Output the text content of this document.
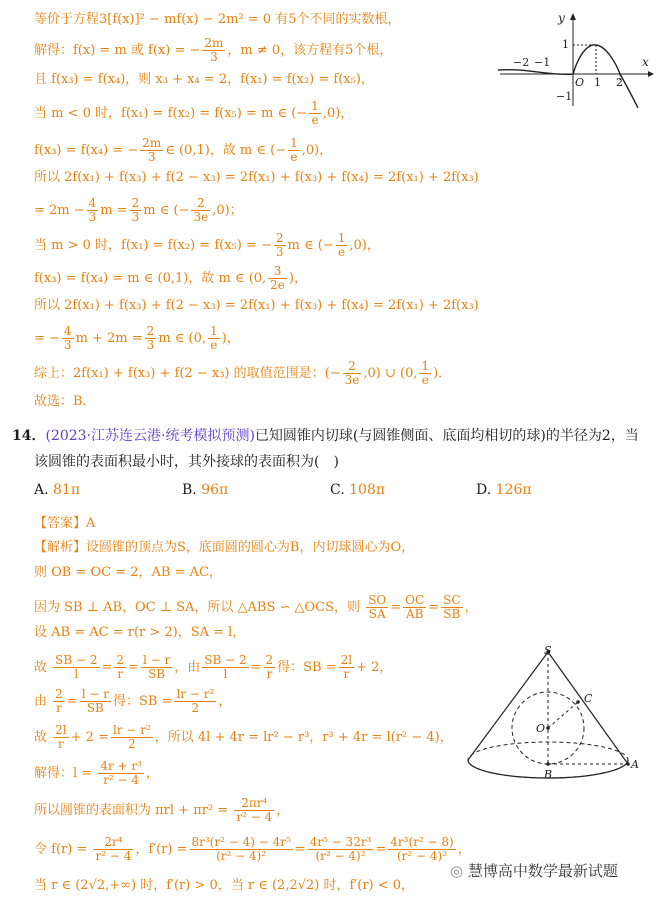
等价于方程3[f(x)]² − mf(x) − 2m² = 0 有5个不同的实数根，
解得：f(x) = m 或 f(x) = − $\frac{2m}{3}$ ，m ≠ 0，该方程有5个根，
且 f(x₃) = f(x₄)，则 x₃ + x₄ = 2，f(x₁) = f(x₂) = f(x₅)，
当 m < 0 时，f(x₁) = f(x₂) = f(x₅) = m ∈ (− $\frac{1}{e} ,0$)，
f(x₃) = f(x₄) = − $\frac{2m}{3}$ ∈ (0,1)，故 m ∈ (− $\frac{1}{e} ,0$)，
所以 2f(x₁) + f(x₃) + f(2 − x₃) = 2f(x₁) + f(x₃) + f(x₄) = 2f(x₁) + 2f(x₃)
= $2m - \frac{4}{3}$ $m = \frac{2}{3}$ m ∈ (− $\frac{2}{3e} ,0$)；
当 m > 0 时，f(x₁) = f(x₂) = f(x₅) = − $\frac{2}{3}$ m ∈ (− $\frac{1}{e} ,0$)，
f(x₃) = f(x₄) = m ∈ (0,1)，故 m ∈ (0, $\frac{3}{2e}$ )，
所以 2f(x₁) + f(x₃) + f(2 − x₃) = 2f(x₁) + f(x₃) + f(x₄) = 2f(x₁) + 2f(x₃)
= − $\frac{4}{3}$ $m + 2m = \frac{2}{3}$ m ∈ (0, $\frac{1}{e}$ )，
综上：2f(x₁) + f(x₃) + f(2 − x₃) 的取值范围是：(− $\frac{2}{3e} ,0$) ∪ (0, $\frac{1}{e}$ )．
故选：B．
y
x
O
−2 −1
1 2
1
−1
14．(2023·江苏连云港·统考模拟预测)已知圆锥内切球(与圆锥侧面、底面均相切的球)的半径为2，当
该圆锥的表面积最小时，其外接球的表面积为(　)
A. 81π	B. 96π	C. 108π	D. 126π
【答案】A
【解析】设圆锥的顶点为S，底面圆的圆心为B，内切球圆心为O，
则 OB = OC = 2，AB = AC，
因为 SB ⊥ AB，OC ⊥ SA，所以 △ABS ∽ △OCS，则 $\frac{SO}{SA} = \frac{OC}{AB} = \frac{SC}{SB}$ ，
设 AB = AC = r(r > 2)，SA = l，
故 $\frac{SB - 2}{l} = \frac{2}{r} = \frac{l - r}{SB}$ ，由 $\frac{SB - 2}{l} = \frac{2}{r}$ 得：SB = $\frac{2l}{r} + 2$，
由 $\frac{2}{r} = \frac{l - r}{SB}$ 得：SB = $\frac{\text{lr − r²}}{2}$ ，
故 $\frac{2l}{r} + 2 = \frac{\text{lr − r²}}{2}$ ，所以 4l + 4r = lr² − r³，r³ + 4r = l(r² − 4)，
解得：$l = \frac{\text{4r + r³}}{\text{r² − 4}}$ ，
所以圆锥的表面积为 $\pi rl + \pi r^2 = \frac{\text{2πr⁴}}{\text{r² − 4}}$ ，
令 $f(r) = \frac{\text{2r⁴}}{\text{r² − 4}}$ ，$f'(r) = \frac{\text{8r³(r² − 4) − 4r⁵}}{\text{(r² − 4)²}} = \frac{\text{4r⁵ − 32r³}}{\text{(r² − 4)²}} = \frac{\text{4r³(r² − 8)}}{\text{(r² − 4)²}}$ ，
当 r ∈ (2√2,+∞) 时，f′(r) > 0，当 r ∈ (2,2√2) 时，f′(r) < 0，
S
C
O
B
A
◎ 慧博高中数学最新试题
